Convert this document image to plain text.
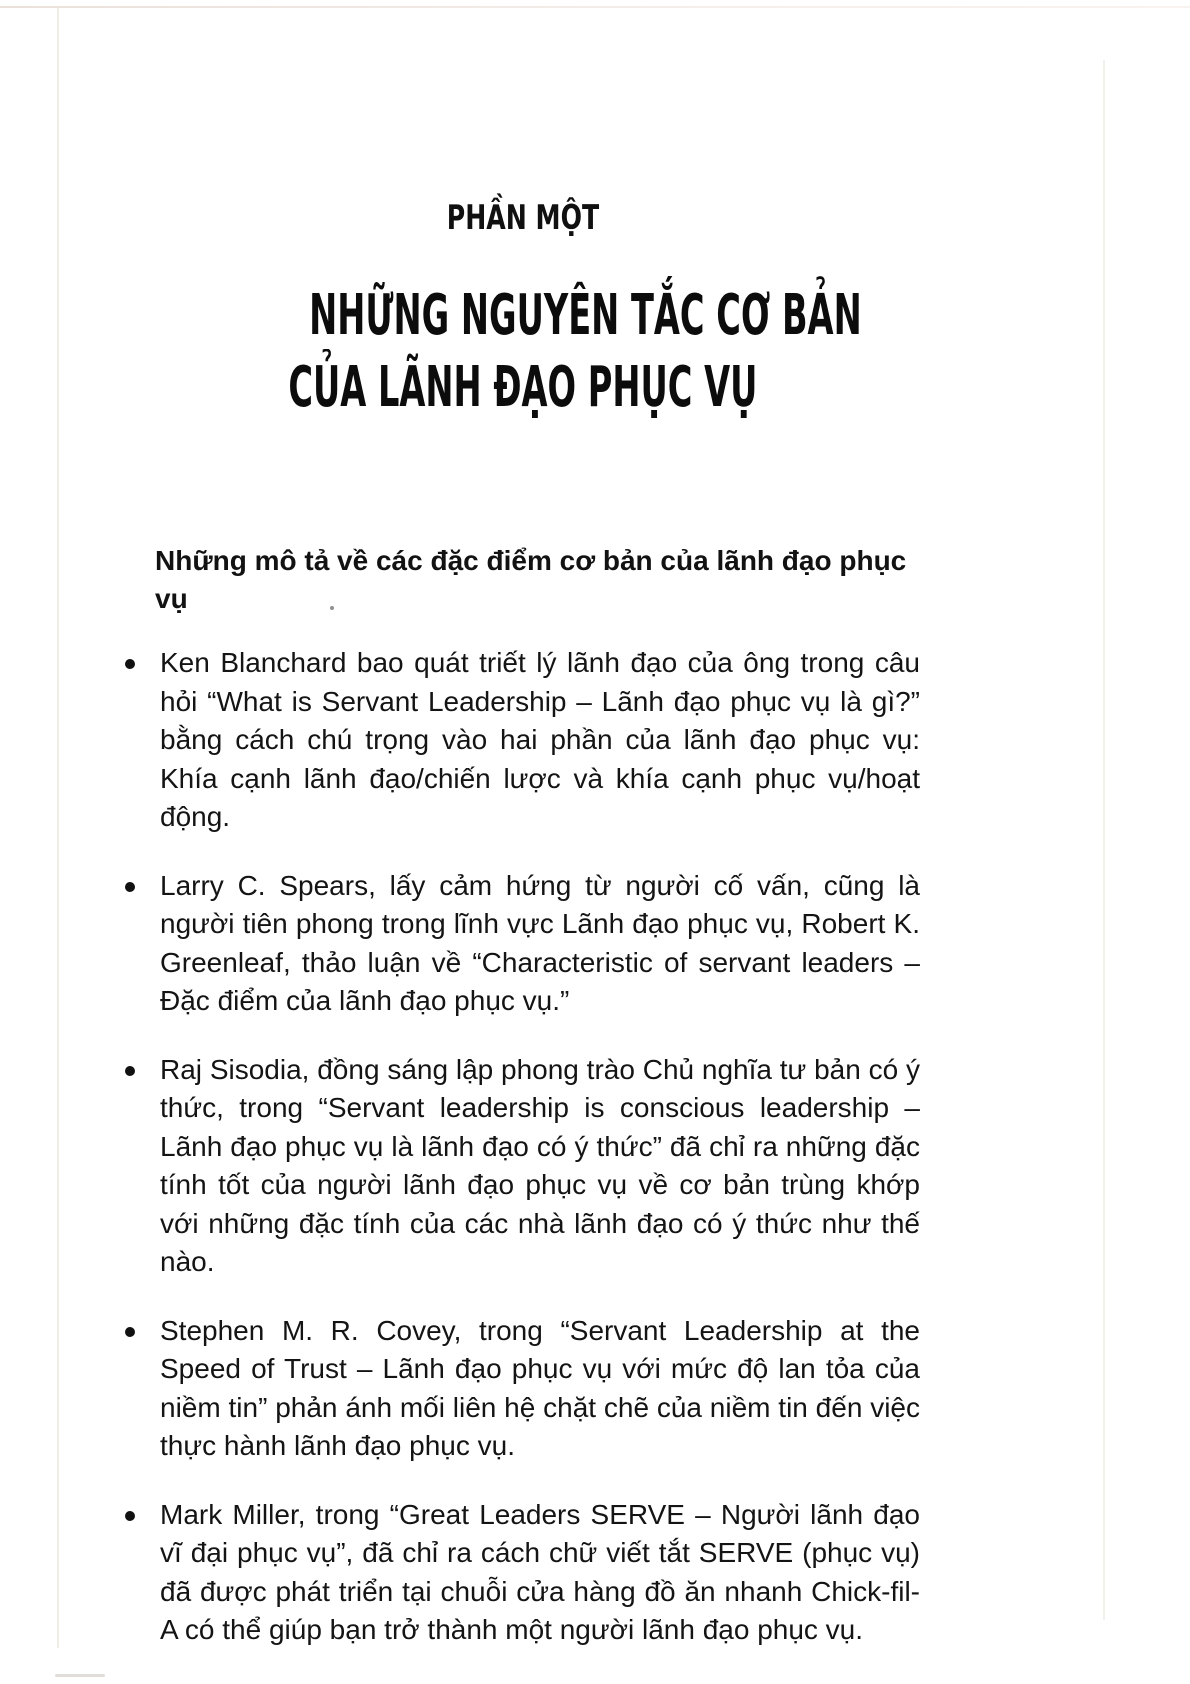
PHẦN MỘT
NHỮNG NGUYÊN TẮC CƠ BẢN
CỦA LÃNH ĐẠO PHỤC VỤ
Những mô tả về các đặc điểm cơ bản của lãnh đạo phục vụ
Ken Blanchard bao quát triết lý lãnh đạo của ông trong câu hỏi “What is Servant Leadership – Lãnh đạo phục vụ là gì?” bằng cách chú trọng vào hai phần của lãnh đạo phục vụ: Khía cạnh lãnh đạo/chiến lược và khía cạnh phục vụ/hoạt động.
Larry C. Spears, lấy cảm hứng từ người cố vấn, cũng là người tiên phong trong lĩnh vực Lãnh đạo phục vụ, Robert K. Greenleaf, thảo luận về “Characteristic of servant leaders – Đặc điểm của lãnh đạo phục vụ.”
Raj Sisodia, đồng sáng lập phong trào Chủ nghĩa tư bản có ý thức, trong “Servant leadership is conscious leadership – Lãnh đạo phục vụ là lãnh đạo có ý thức” đã chỉ ra những đặc tính tốt của người lãnh đạo phục vụ về cơ bản trùng khớp với những đặc tính của các nhà lãnh đạo có ý thức như thế nào.
Stephen M. R. Covey, trong “Servant Leadership at the Speed of Trust – Lãnh đạo phục vụ với mức độ lan tỏa của niềm tin” phản ánh mối liên hệ chặt chẽ của niềm tin đến việc thực hành lãnh đạo phục vụ.
Mark Miller, trong “Great Leaders SERVE – Người lãnh đạo vĩ đại phục vụ”, đã chỉ ra cách chữ viết tắt SERVE (phục vụ) đã được phát triển tại chuỗi cửa hàng đồ ăn nhanh Chick-fil-A có thể giúp bạn trở thành một người lãnh đạo phục vụ.
